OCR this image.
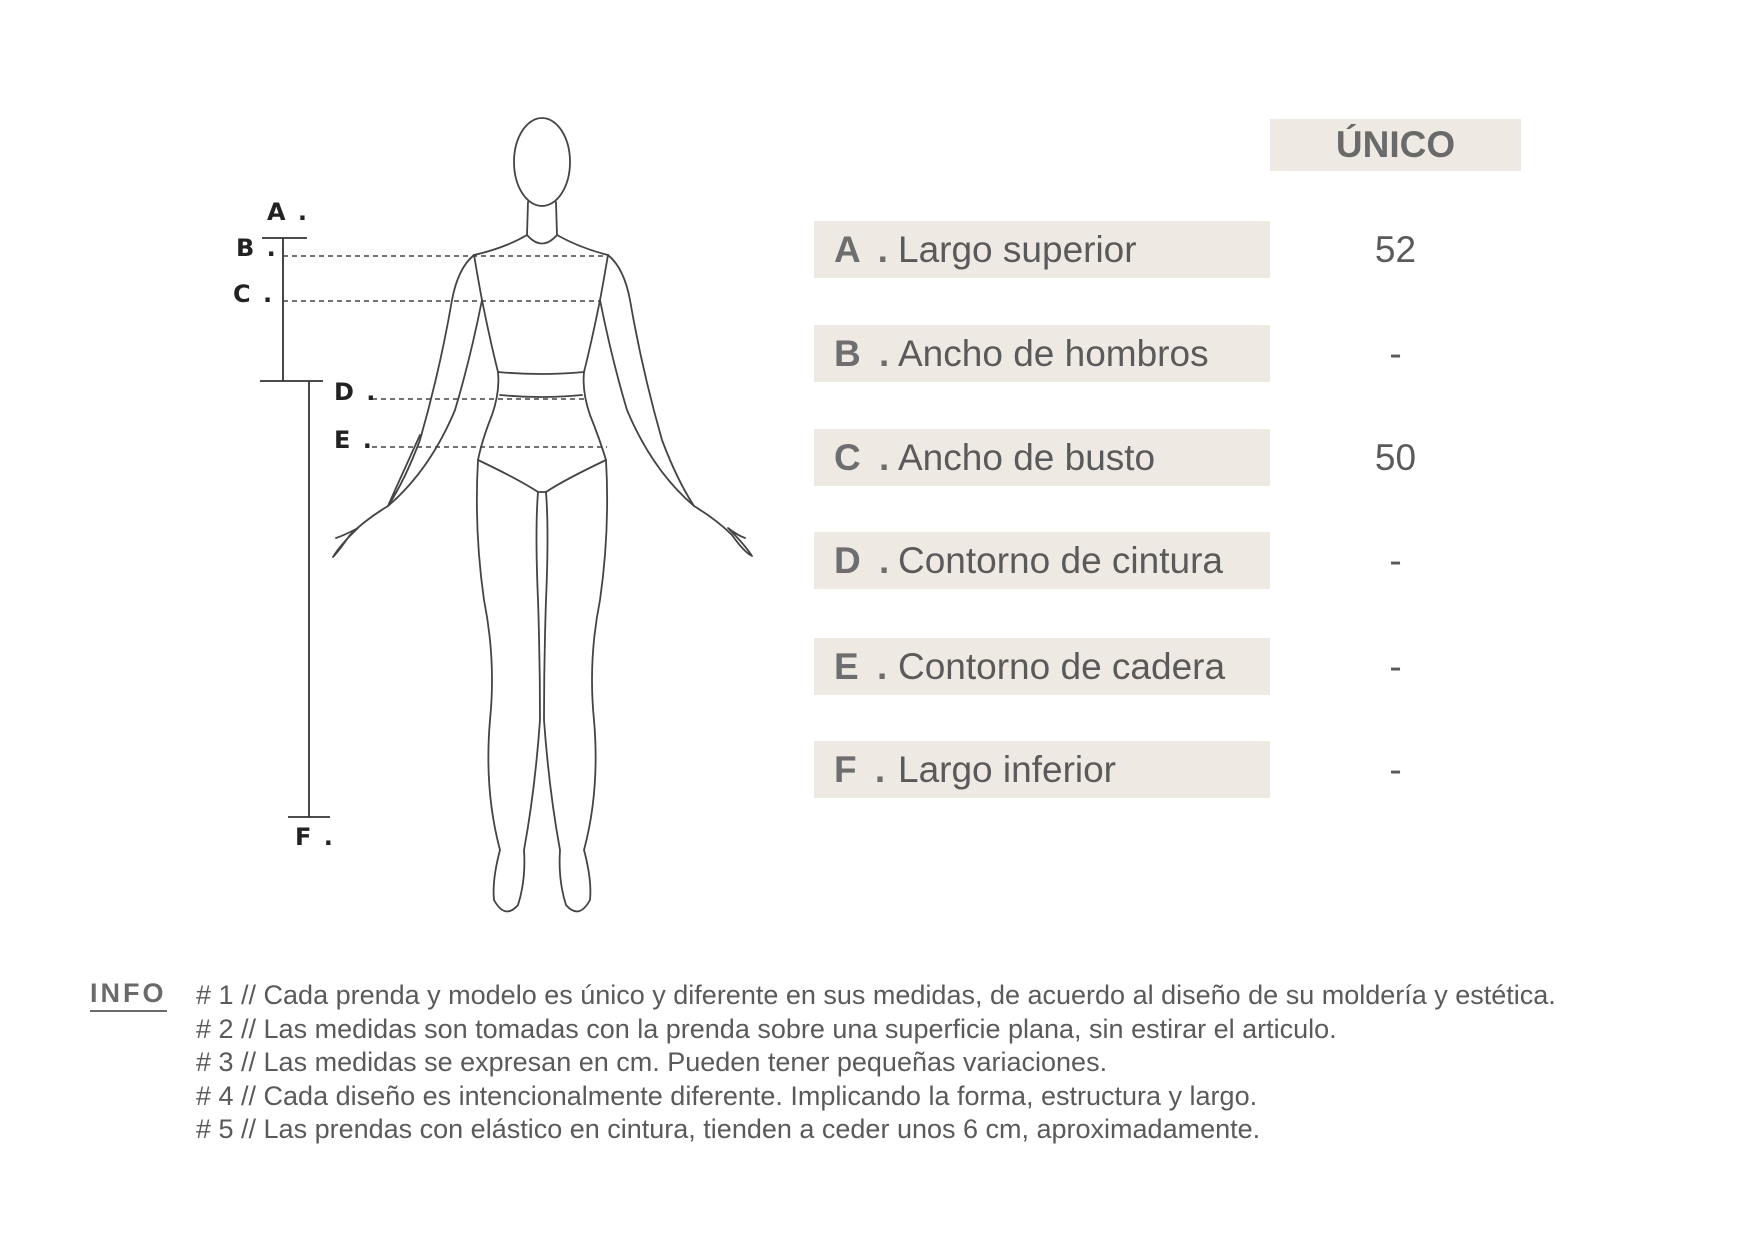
A .
B .
C .
D .
E .
F .
ÚNICO
A . Largo superior	52
B . Ancho de hombros	-
C . Ancho de busto	50
D . Contorno de cintura	-
E . Contorno de cadera	-
F . Largo inferior	-
INFO # 1 // Cada prenda y modelo es único y diferente en sus medidas, de acuerdo al diseño de su moldería y estética.
# 2 // Las medidas son tomadas con la prenda sobre una superficie plana, sin estirar el articulo.
# 3 // Las medidas se expresan en cm. Pueden tener pequeñas variaciones.
# 4 // Cada diseño es intencionalmente diferente. Implicando la forma, estructura y largo.
# 5 // Las prendas con elástico en cintura, tienden a ceder unos 6 cm, aproximadamente.
